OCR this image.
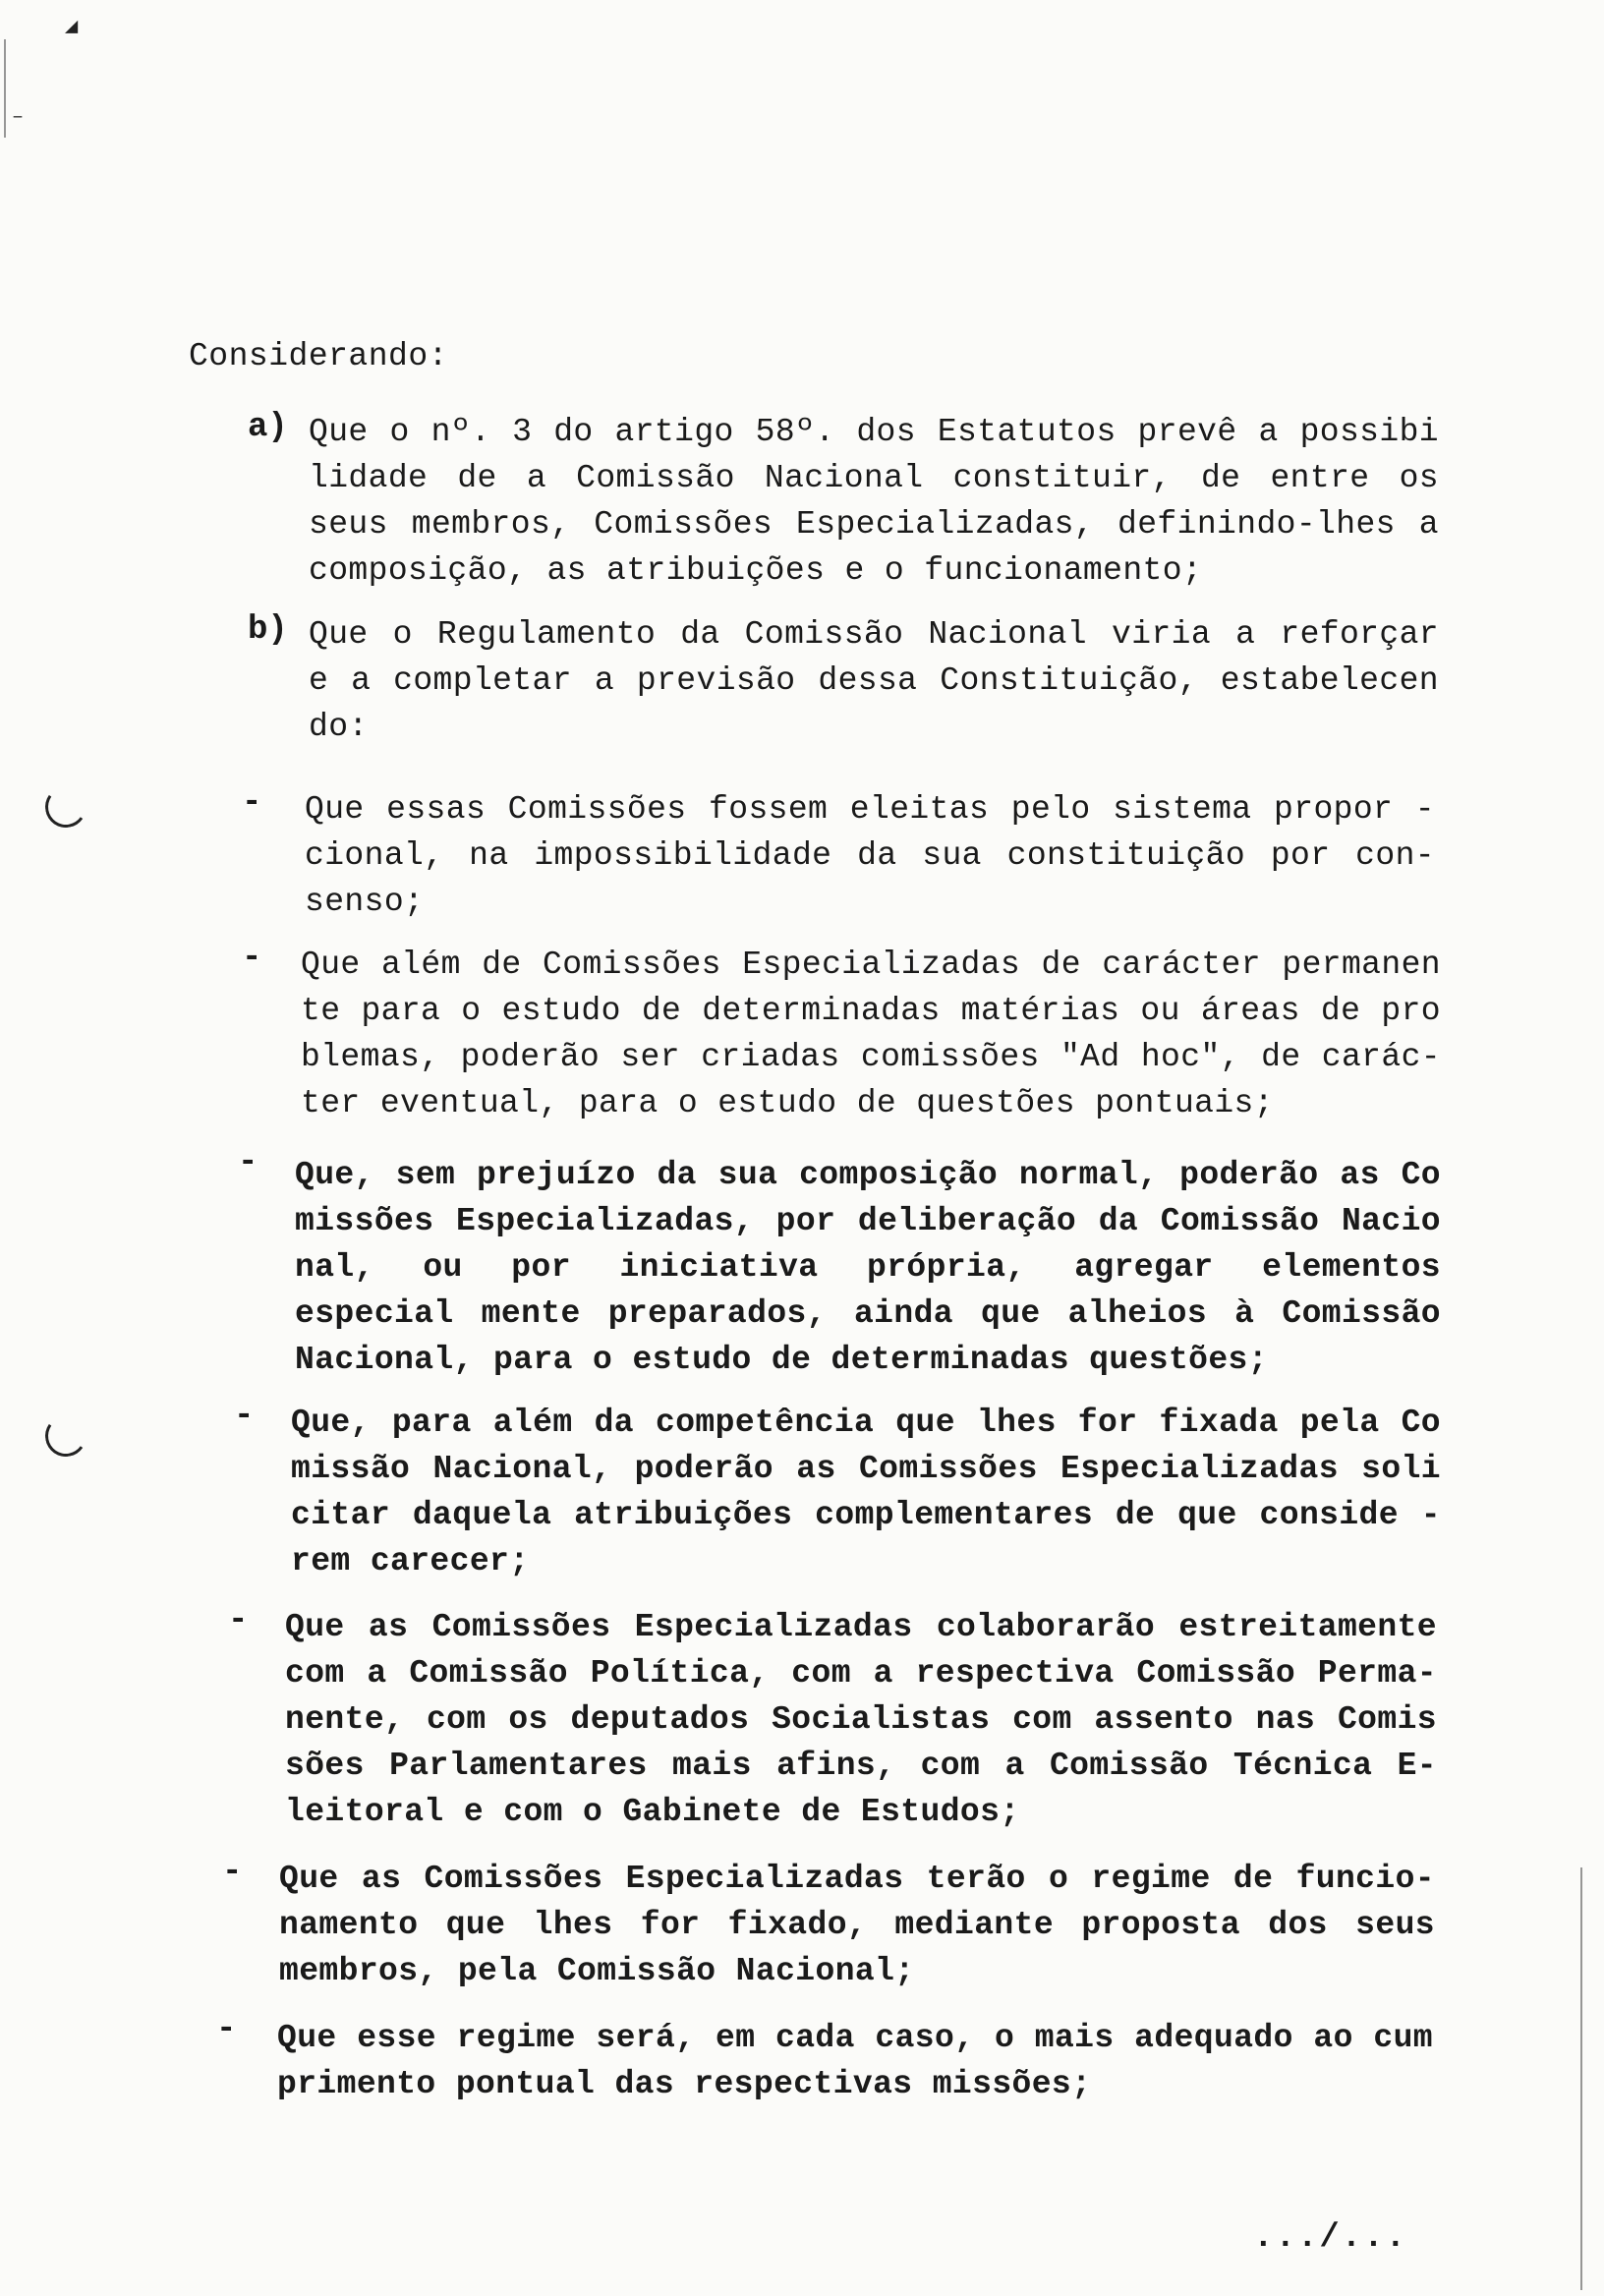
◢
–
Considerando:
a) Que o nº. 3 do artigo 58º. dos Estatutos prevê a possibi lidade de a Comissão Nacional constituir, de entre os seus membros, Comissões Especializadas, definindo-lhes a composição, as atribuições e o funcionamento;
b) Que o Regulamento da Comissão Nacional viria a reforçar e a completar a previsão dessa Constituição, estabelecen do:
- Que essas Comissões fossem eleitas pelo sistema propor - cional, na impossibilidade da sua constituição por con- senso;
- Que além de Comissões Especializadas de carácter permanen te para o estudo de determinadas matérias ou áreas de pro blemas, poderão ser criadas comissões "Ad hoc", de carác- ter eventual, para o estudo de questões pontuais;
- Que, sem prejuízo da sua composição normal, poderão as Co missões Especializadas, por deliberação da Comissão Nacio nal, ou por iniciativa própria, agregar elementos especial mente preparados, ainda que alheios à Comissão Nacional, para o estudo de determinadas questões;
- Que, para além da competência que lhes for fixada pela Co missão Nacional, poderão as Comissões Especializadas soli citar daquela atribuições complementares de que conside - rem carecer;
- Que as Comissões Especializadas colaborarão estreitamente com a Comissão Política, com a respectiva Comissão Perma- nente, com os deputados Socialistas com assento nas Comis sões Parlamentares mais afins, com a Comissão Técnica E- leitoral e com o Gabinete de Estudos;
- Que as Comissões Especializadas terão o regime de funcio- namento que lhes for fixado, mediante proposta dos seus membros, pela Comissão Nacional;
- Que esse regime será, em cada caso, o mais adequado ao cum primento pontual das respectivas missões;
.../...
